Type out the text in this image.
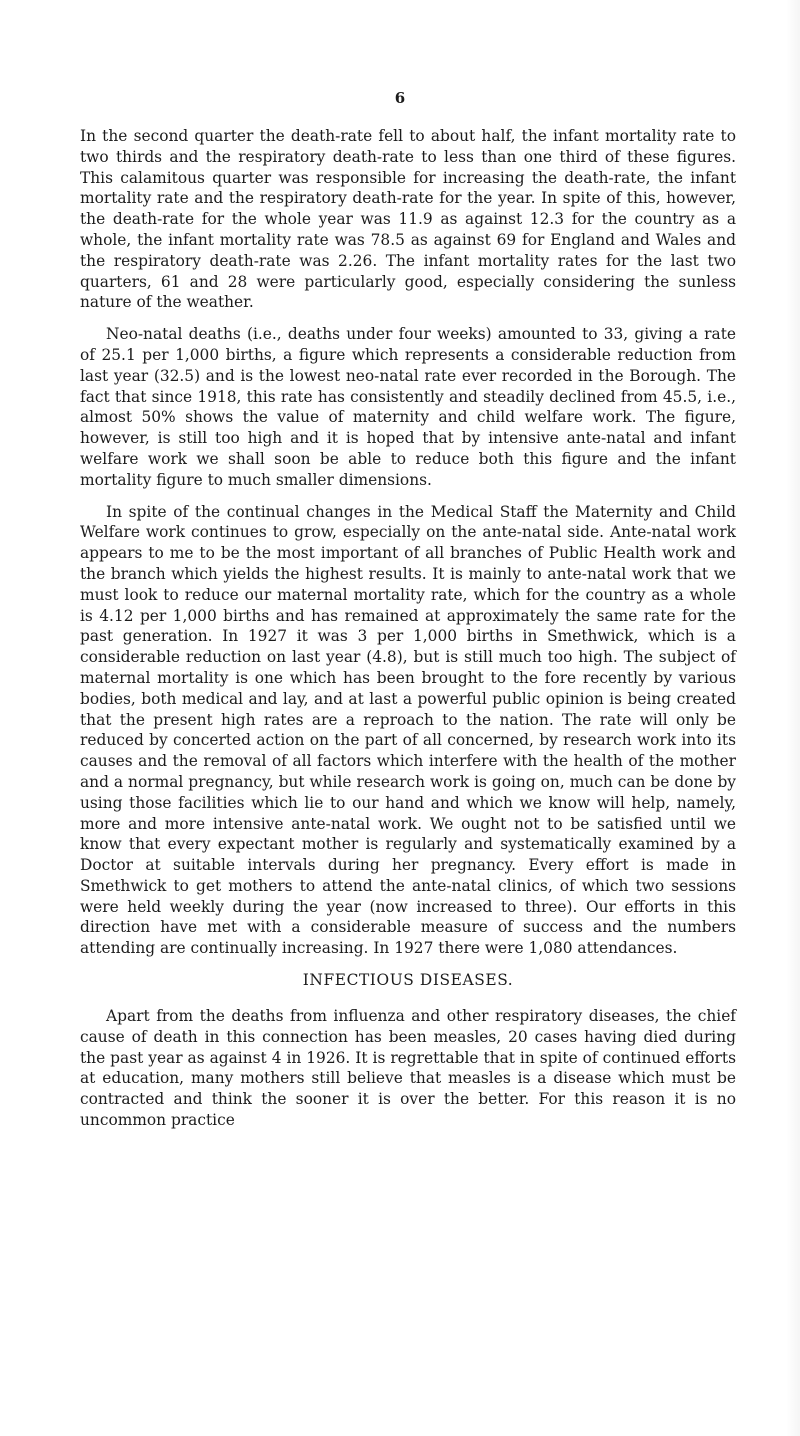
6

In the second quarter the death-rate fell to about half, the infant mortality rate to two thirds and the respiratory death-rate to less than one third of these figures. This calamitous quarter was responsible for increasing the death-rate, the infant mortality rate and the respiratory death-rate for the year. In spite of this, however, the death-rate for the whole year was 11.9 as against 12.3 for the country as a whole, the infant mortality rate was 78.5 as against 69 for England and Wales and the respiratory death-rate was 2.26. The infant mortality rates for the last two quarters, 61 and 28 were particularly good, especially considering the sunless nature of the weather.

Neo-natal deaths (i.e., deaths under four weeks) amounted to 33, giving a rate of 25.1 per 1,000 births, a figure which represents a considerable reduction from last year (32.5) and is the lowest neo-natal rate ever recorded in the Borough. The fact that since 1918, this rate has consistently and steadily declined from 45.5, i.e., almost 50% shows the value of maternity and child welfare work. The figure, however, is still too high and it is hoped that by intensive ante-natal and infant welfare work we shall soon be able to reduce both this figure and the infant mortality figure to much smaller dimensions.

In spite of the continual changes in the Medical Staff the Maternity and Child Welfare work continues to grow, especially on the ante-natal side. Ante-natal work appears to me to be the most important of all branches of Public Health work and the branch which yields the highest results. It is mainly to ante-natal work that we must look to reduce our maternal mortality rate, which for the country as a whole is 4.12 per 1,000 births and has remained at approximately the same rate for the past generation. In 1927 it was 3 per 1,000 births in Smethwick, which is a considerable reduction on last year (4.8), but is still much too high. The subject of maternal mortality is one which has been brought to the fore recently by various bodies, both medical and lay, and at last a powerful public opinion is being created that the present high rates are a reproach to the nation. The rate will only be reduced by concerted action on the part of all concerned, by research work into its causes and the removal of all factors which interfere with the health of the mother and a normal pregnancy, but while research work is going on, much can be done by using those facilities which lie to our hand and which we know will help, namely, more and more intensive ante-natal work. We ought not to be satisfied until we know that every expectant mother is regularly and systematically examined by a Doctor at suitable intervals during her pregnancy. Every effort is made in Smethwick to get mothers to attend the ante-natal clinics, of which two sessions were held weekly during the year (now increased to three). Our efforts in this direction have met with a considerable measure of success and the numbers attending are continually increasing. In 1927 there were 1,080 attendances.

INFECTIOUS DISEASES.

Apart from the deaths from influenza and other respiratory diseases, the chief cause of death in this connection has been measles, 20 cases having died during the past year as against 4 in 1926. It is regrettable that in spite of continued efforts at education, many mothers still believe that measles is a disease which must be contracted and think the sooner it is over the better. For this reason it is no uncommon practice
